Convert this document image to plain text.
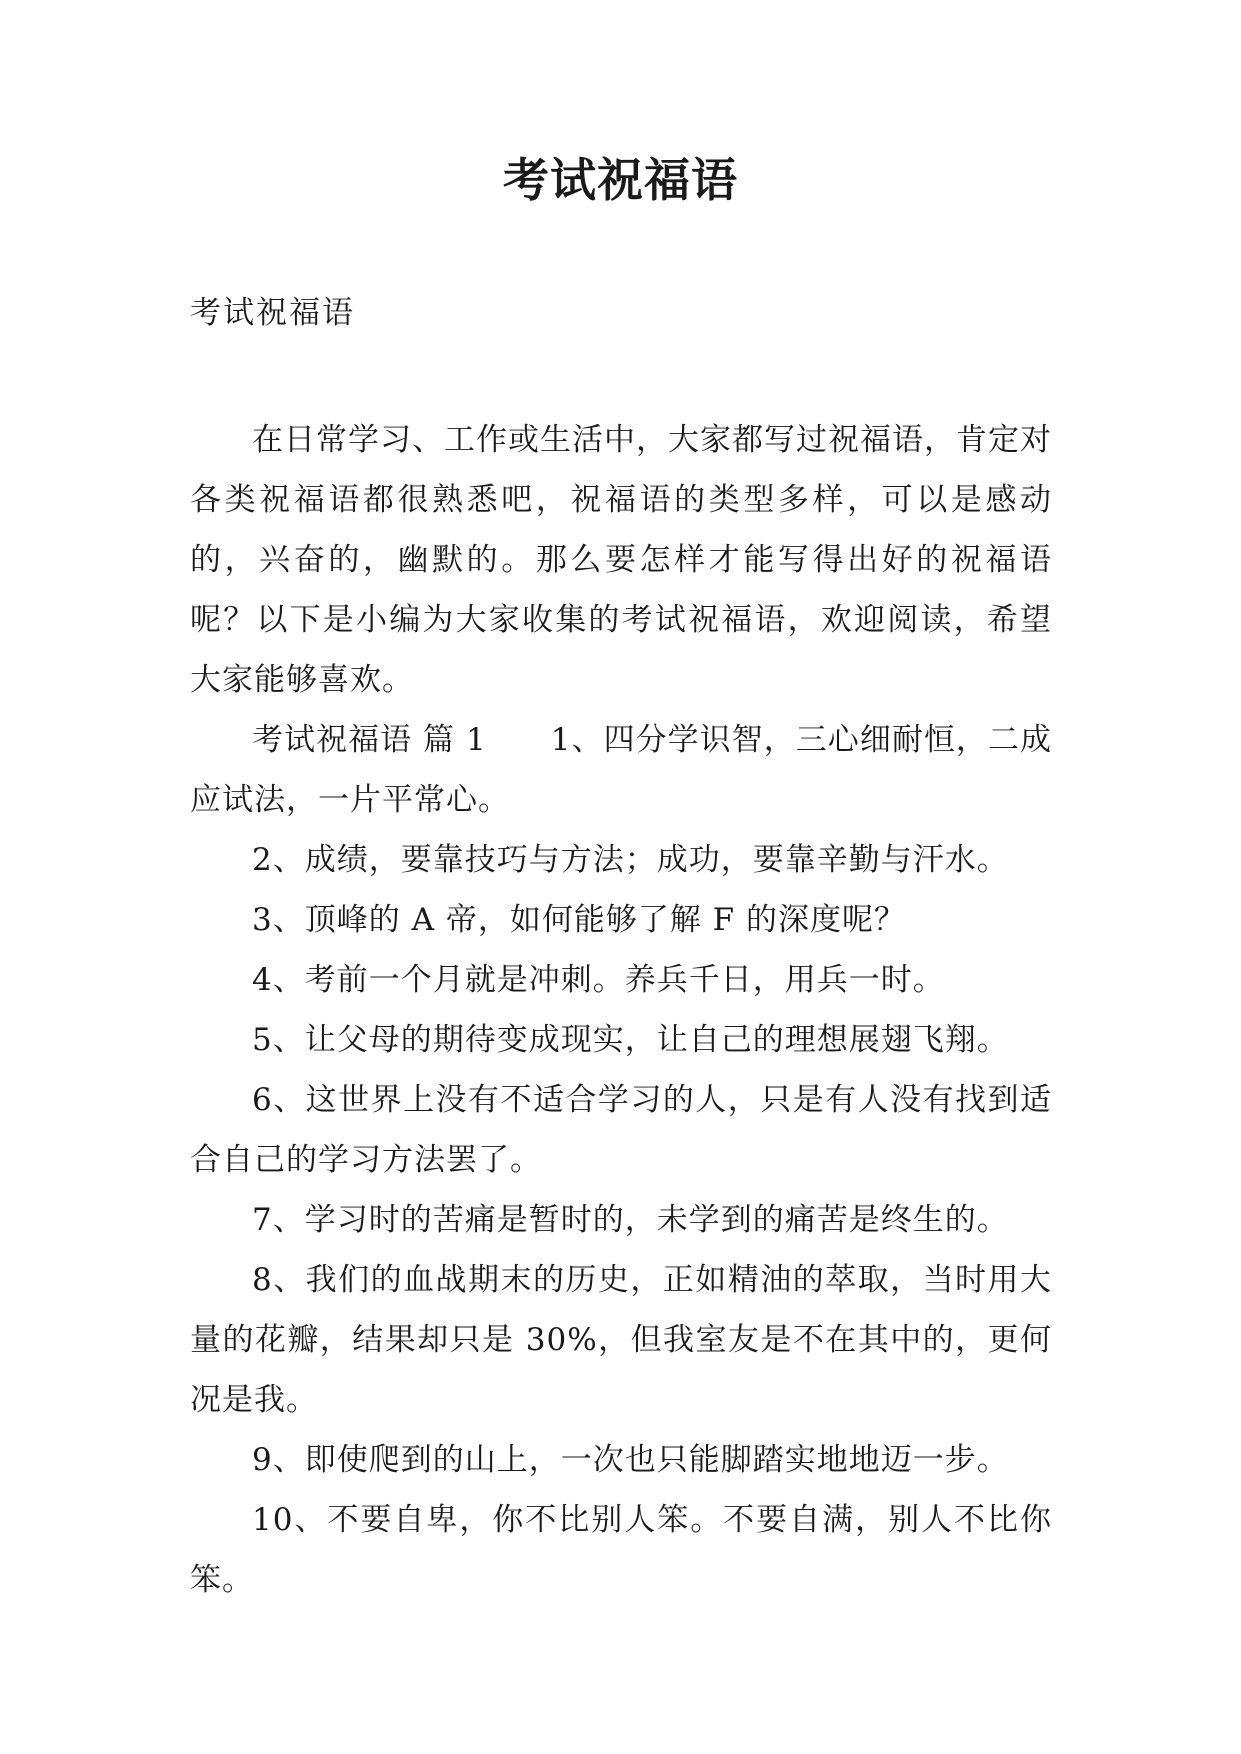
考试祝福语
考试祝福语

在日常学习、工作或生活中，大家都写过祝福语，肯定对各类祝福语都很熟悉吧，祝福语的类型多样，可以是感动的，兴奋的，幽默的。那么要怎样才能写得出好的祝福语呢？以下是小编为大家收集的考试祝福语，欢迎阅读，希望大家能够喜欢。

考试祝福语 篇 1　　1、四分学识智，三心细耐恒，二成应试法，一片平常心。

2、成绩，要靠技巧与方法；成功，要靠辛勤与汗水。

3、顶峰的 A 帝，如何能够了解 F 的深度呢？

4、考前一个月就是冲刺。养兵千日，用兵一时。

5、让父母的期待变成现实，让自己的理想展翅飞翔。

6、这世界上没有不适合学习的人，只是有人没有找到适合自己的学习方法罢了。

7、学习时的苦痛是暂时的，未学到的痛苦是终生的。

8、我们的血战期末的历史，正如精油的萃取，当时用大量的花瓣，结果却只是 30%，但我室友是不在其中的，更何况是我。

9、即使爬到的山上，一次也只能脚踏实地地迈一步。

10、不要自卑，你不比别人笨。不要自满，别人不比你笨。
